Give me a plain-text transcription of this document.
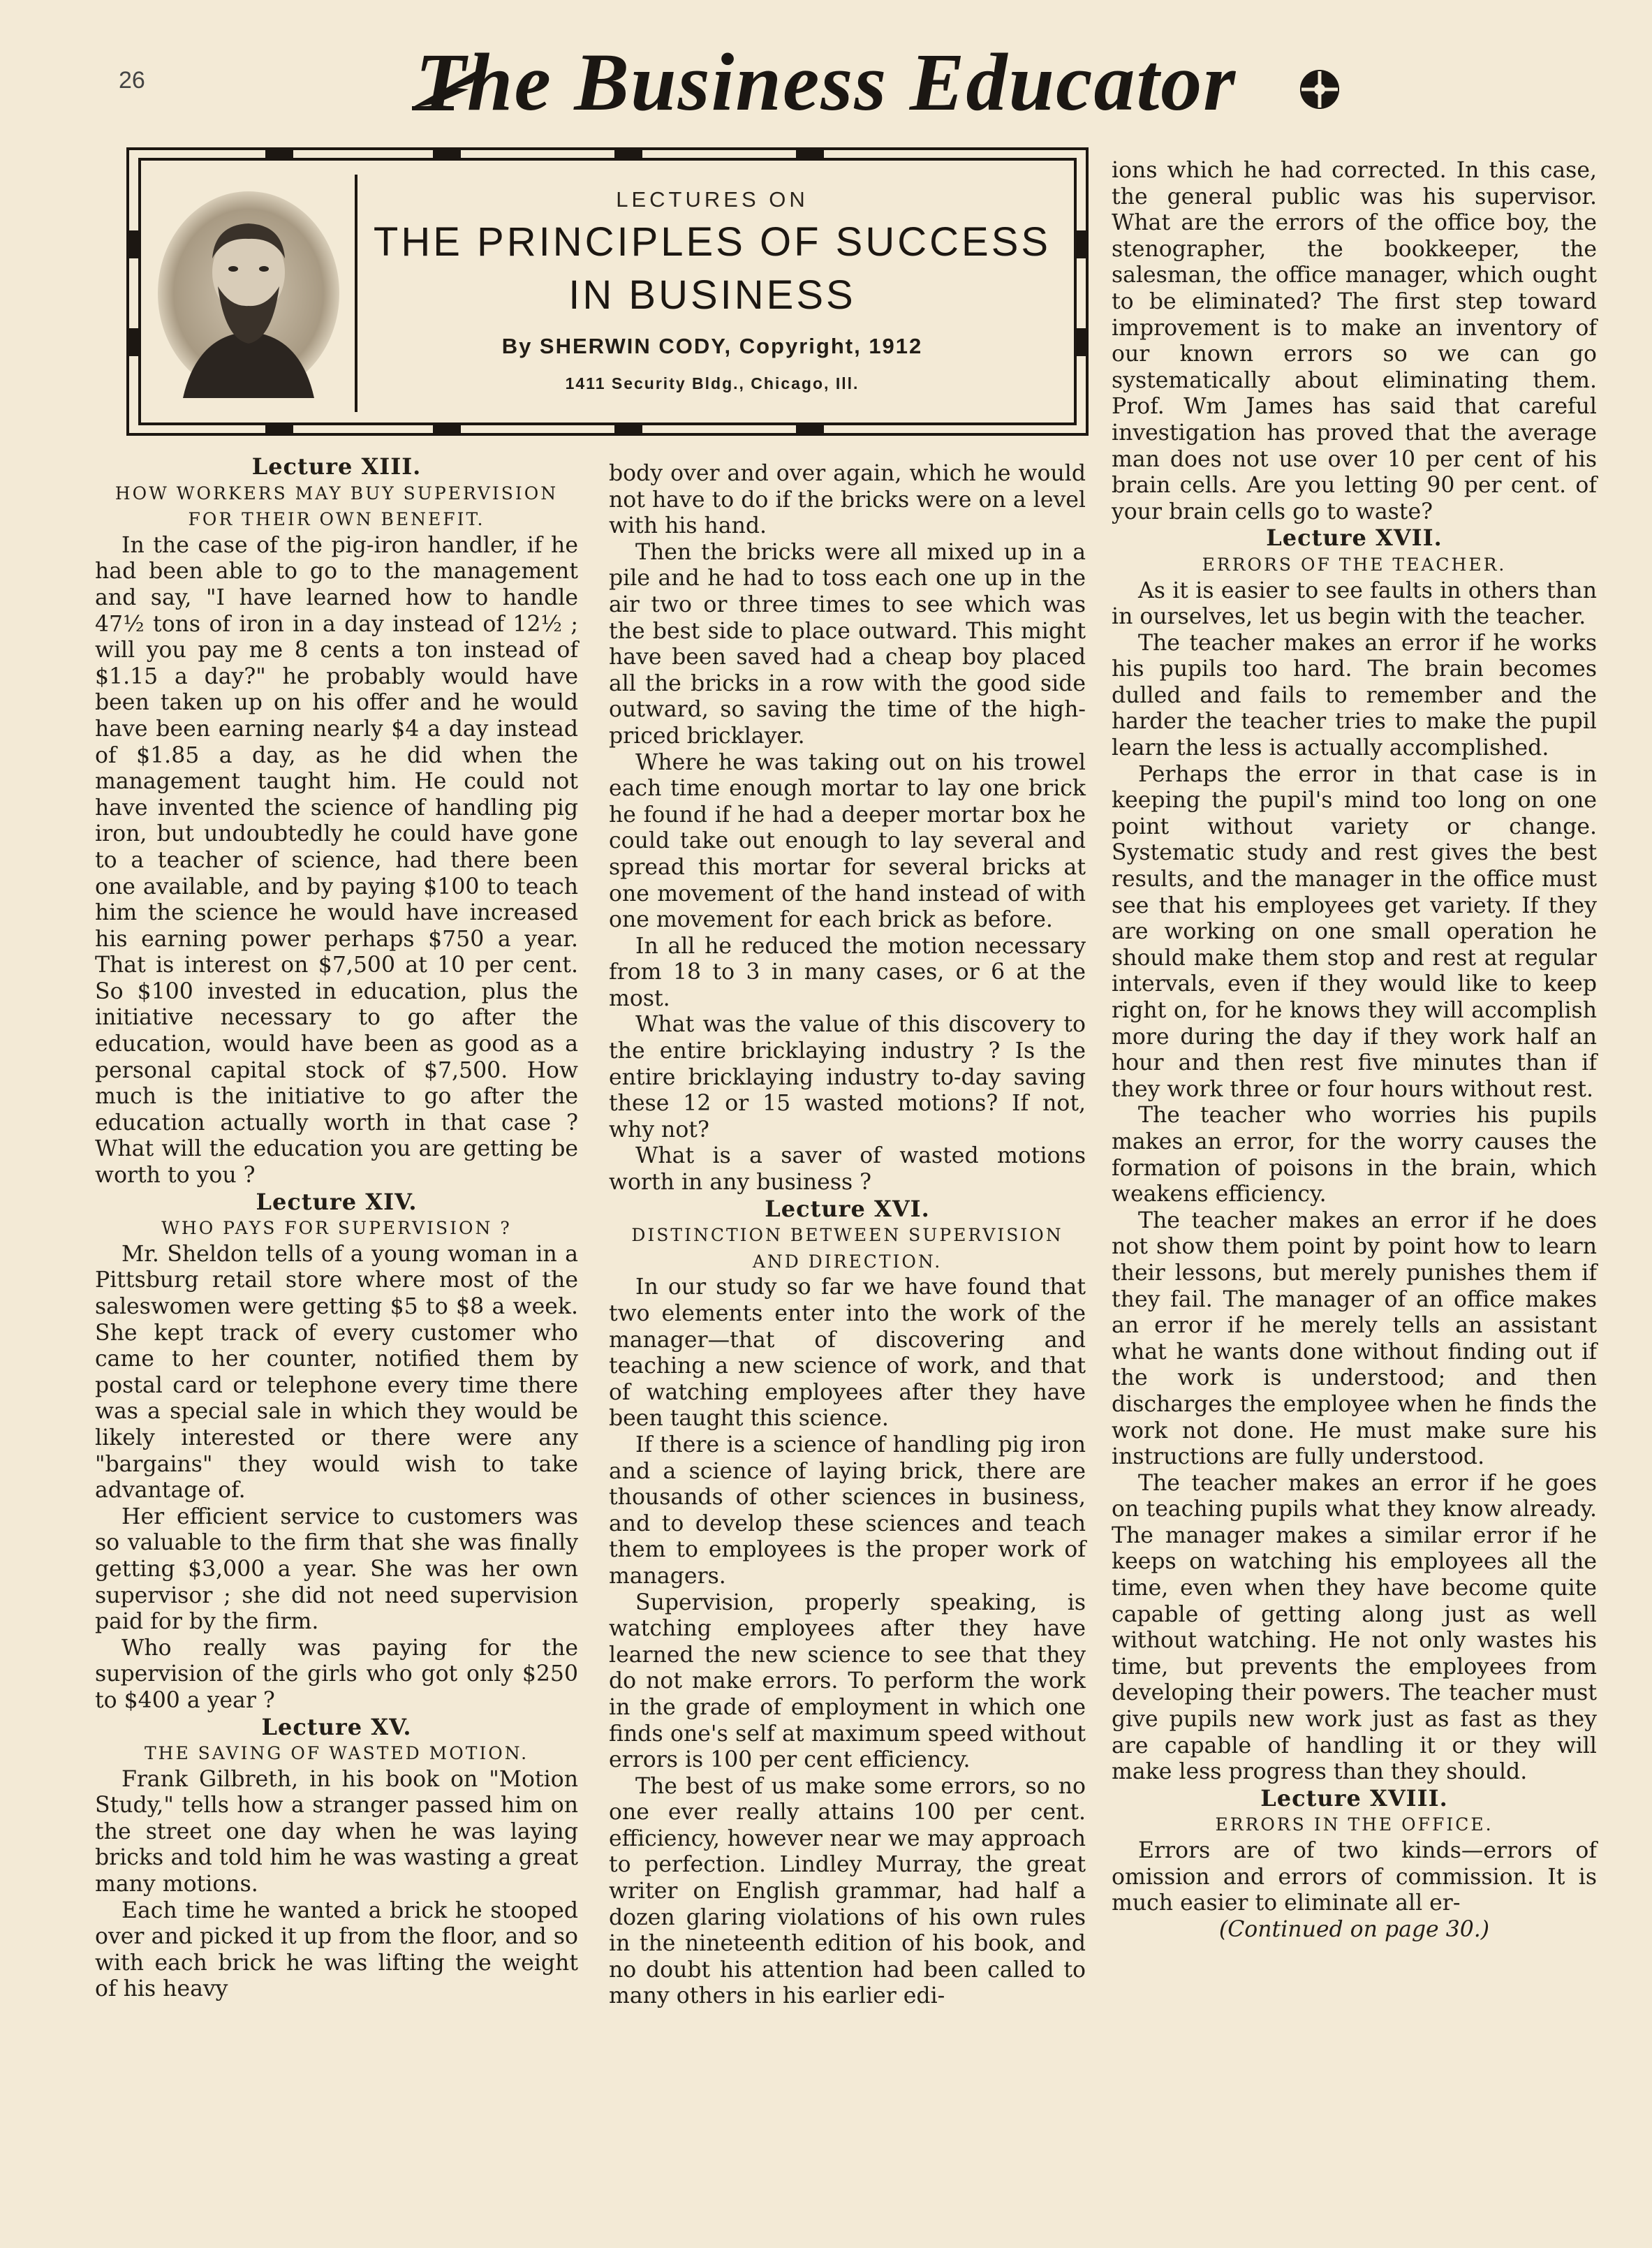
26	The Business Educator
LECTURES ON
THE PRINCIPLES OF SUCCESS
IN BUSINESS
By SHERWIN CODY, Copyright, 1912
1411 Security Bldg., Chicago, Ill.
Lecture XIII.
HOW WORKERS MAY BUY SUPERVISION
FOR THEIR OWN BENEFIT.

In the case of the pig-iron handler, if he had been able to go to the management and say, "I have learned how to handle 47½ tons of iron in a day instead of 12½ ; will you pay me 8 cents a ton instead of $1.15 a day?" he probably would have been taken up on his offer and he would have been earning nearly $4 a day instead of $1.85 a day, as he did when the management taught him. He could not have invented the science of handling pig iron, but undoubtedly he could have gone to a teacher of science, had there been one available, and by paying $100 to teach him the science he would have increased his earning power perhaps $750 a year. That is interest on $7,500 at 10 per cent. So $100 invested in education, plus the initiative necessary to go after the education, would have been as good as a personal capital stock of $7,500. How much is the initiative to go after the education actually worth in that case ? What will the education you are getting be worth to you ?

Lecture XIV.
WHO PAYS FOR SUPERVISION ?

Mr. Sheldon tells of a young woman in a Pittsburg retail store where most of the saleswomen were getting $5 to $8 a week. She kept track of every customer who came to her counter, notified them by postal card or telephone every time there was a special sale in which they would be likely interested or there were any "bargains" they would wish to take advantage of.

Her efficient service to customers was so valuable to the firm that she was finally getting $3,000 a year. She was her own supervisor ; she did not need supervision paid for by the firm.

Who really was paying for the supervision of the girls who got only $250 to $400 a year ?

Lecture XV.
THE SAVING OF WASTED MOTION.

Frank Gilbreth, in his book on "Motion Study," tells how a stranger passed him on the street one day when he was laying bricks and told him he was wasting a great many motions.

Each time he wanted a brick he stooped over and picked it up from the floor, and so with each brick he was lifting the weight of his heavy

body over and over again, which he would not have to do if the bricks were on a level with his hand.

Then the bricks were all mixed up in a pile and he had to toss each one up in the air two or three times to see which was the best side to place outward. This might have been saved had a cheap boy placed all the bricks in a row with the good side outward, so saving the time of the high-priced bricklayer.

Where he was taking out on his trowel each time enough mortar to lay one brick he found if he had a deeper mortar box he could take out enough to lay several and spread this mortar for several bricks at one movement of the hand instead of with one movement for each brick as before.

In all he reduced the motion necessary from 18 to 3 in many cases, or 6 at the most.

What was the value of this discovery to the entire bricklaying industry ? Is the entire bricklaying industry to-day saving these 12 or 15 wasted motions? If not, why not?

What is a saver of wasted motions worth in any business ?

Lecture XVI.
DISTINCTION BETWEEN SUPERVISION
AND DIRECTION.

In our study so far we have found that two elements enter into the work of the manager—that of discovering and teaching a new science of work, and that of watching employees after they have been taught this science.

If there is a science of handling pig iron and a science of laying brick, there are thousands of other sciences in business, and to develop these sciences and teach them to employees is the proper work of managers.

Supervision, properly speaking, is watching employees after they have learned the new science to see that they do not make errors. To perform the work in the grade of employment in which one finds one's self at maximum speed without errors is 100 per cent efficiency.

The best of us make some errors, so no one ever really attains 100 per cent. efficiency, however near we may approach to perfection. Lindley Murray, the great writer on English grammar, had half a dozen glaring violations of his own rules in the nineteenth edition of his book, and no doubt his attention had been called to many others in his earlier edi-

ions which he had corrected. In this case, the general public was his supervisor. What are the errors of the office boy, the stenographer, the bookkeeper, the salesman, the office manager, which ought to be eliminated? The first step toward improvement is to make an inventory of our known errors so we can go systematically about eliminating them. Prof. Wm James has said that careful investigation has proved that the average man does not use over 10 per cent of his brain cells. Are you letting 90 per cent. of your brain cells go to waste?

Lecture XVII.
ERRORS OF THE TEACHER.

As it is easier to see faults in others than in ourselves, let us begin with the teacher.

The teacher makes an error if he works his pupils too hard. The brain becomes dulled and fails to remember and the harder the teacher tries to make the pupil learn the less is actually accomplished.

Perhaps the error in that case is in keeping the pupil's mind too long on one point without variety or change. Systematic study and rest gives the best results, and the manager in the office must see that his employees get variety. If they are working on one small operation he should make them stop and rest at regular intervals, even if they would like to keep right on, for he knows they will accomplish more during the day if they work half an hour and then rest five minutes than if they work three or four hours without rest.

The teacher who worries his pupils makes an error, for the worry causes the formation of poisons in the brain, which weakens efficiency.

The teacher makes an error if he does not show them point by point how to learn their lessons, but merely punishes them if they fail. The manager of an office makes an error if he merely tells an assistant what he wants done without finding out if the work is understood; and then discharges the employee when he finds the work not done. He must make sure his instructions are fully understood.

The teacher makes an error if he goes on teaching pupils what they know already. The manager makes a similar error if he keeps on watching his employees all the time, even when they have become quite capable of getting along just as well without watching. He not only wastes his time, but prevents the employees from developing their powers. The teacher must give pupils new work just as fast as they are capable of handling it or they will make less progress than they should.

Lecture XVIII.
ERRORS IN THE OFFICE.

Errors are of two kinds—errors of omission and errors of commission. It is much easier to eliminate all er-

(Continued on page 30.)
